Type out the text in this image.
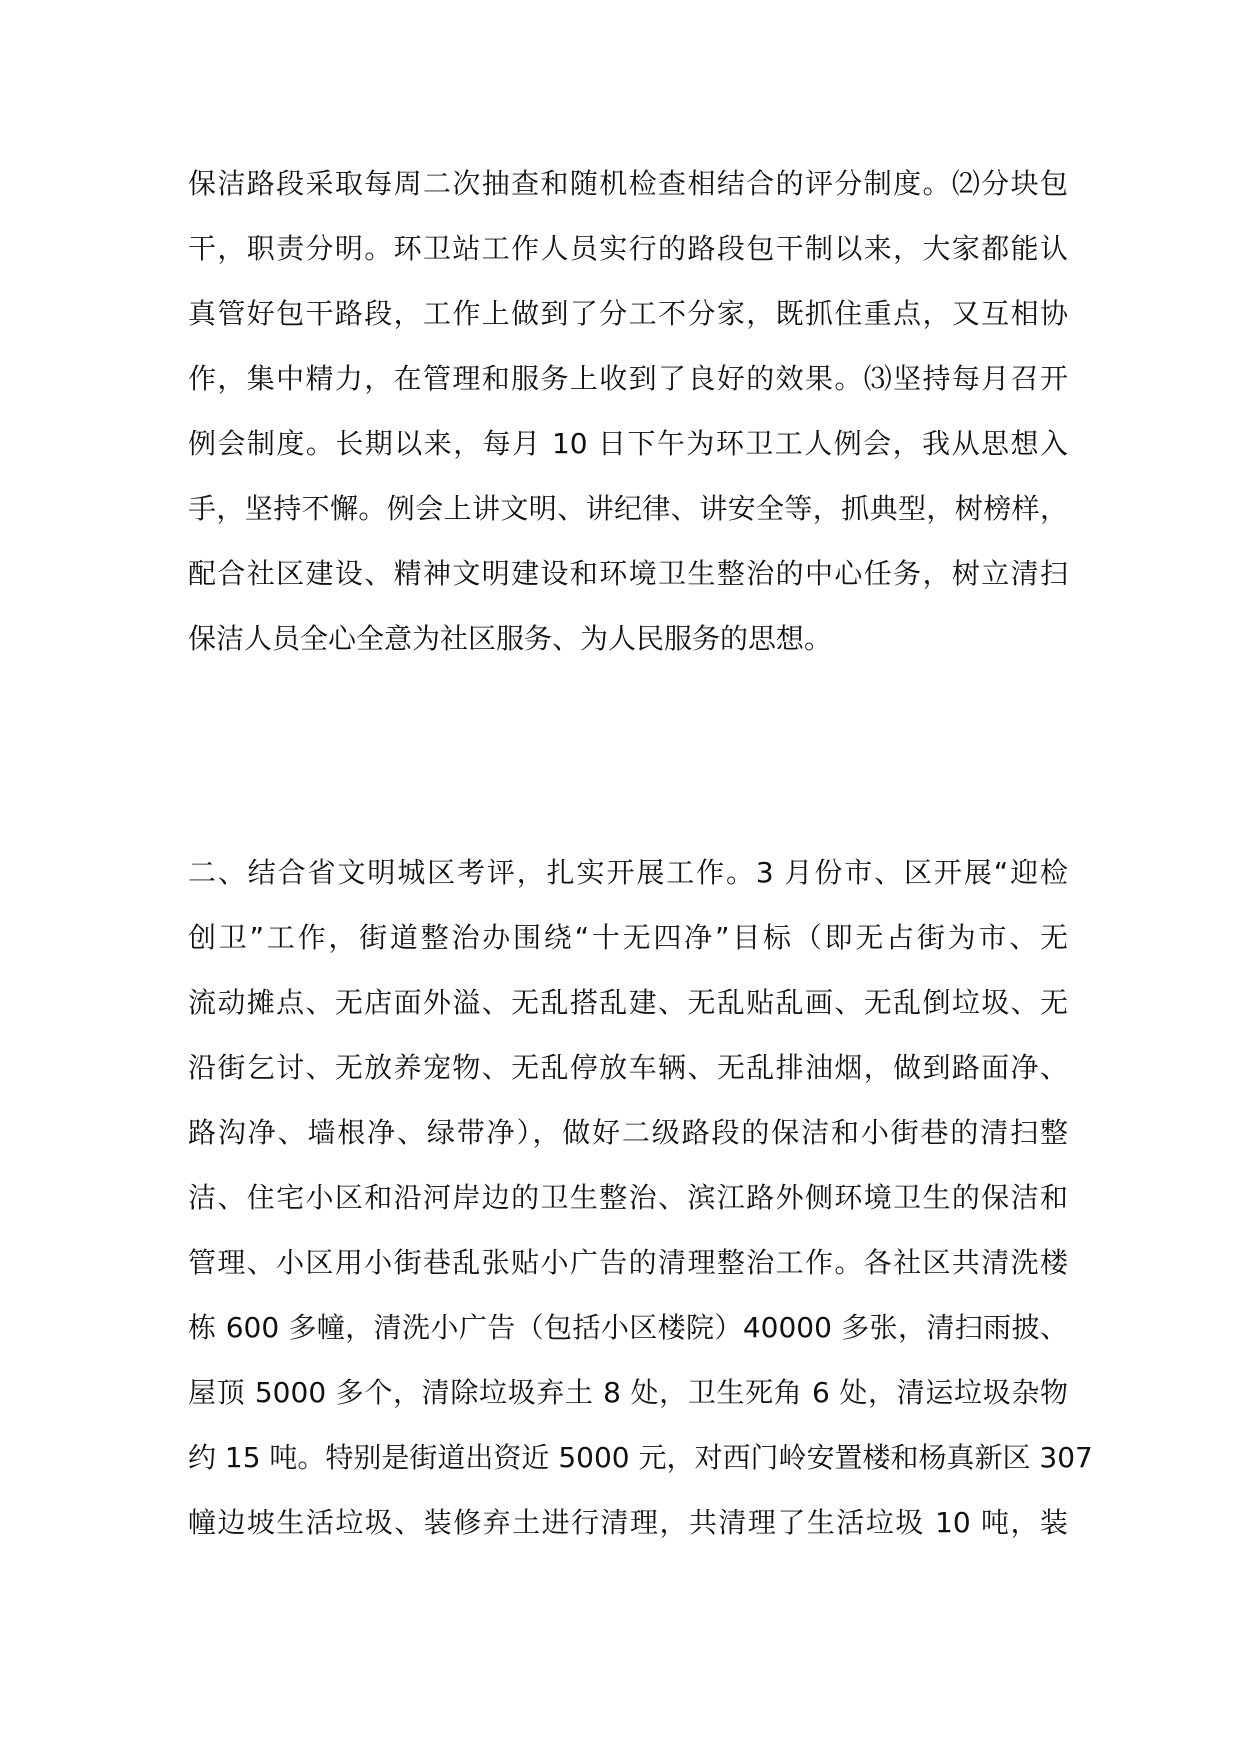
保洁路段采取每周二次抽查和随机检查相结合的评分制度。⑵分块包
干，职责分明。环卫站工作人员实行的路段包干制以来，大家都能认
真管好包干路段，工作上做到了分工不分家，既抓住重点，又互相协
作，集中精力，在管理和服务上收到了良好的效果。⑶坚持每月召开
例会制度。长期以来，每月 10 日下午为环卫工人例会，我从思想入
手，坚持不懈。例会上讲文明、讲纪律、讲安全等，抓典型，树榜样，
配合社区建设、精神文明建设和环境卫生整治的中心任务，树立清扫
保洁人员全心全意为社区服务、为人民服务的思想。
二、结合省文明城区考评，扎实开展工作。3 月份市、区开展“迎检
创卫”工作，街道整治办围绕“十无四净”目标（即无占街为市、无
流动摊点、无店面外溢、无乱搭乱建、无乱贴乱画、无乱倒垃圾、无
沿街乞讨、无放养宠物、无乱停放车辆、无乱排油烟，做到路面净、
路沟净、墙根净、绿带净），做好二级路段的保洁和小街巷的清扫整
洁、住宅小区和沿河岸边的卫生整治、滨江路外侧环境卫生的保洁和
管理、小区用小街巷乱张贴小广告的清理整治工作。各社区共清洗楼
栋 600 多幢，清洗小广告（包括小区楼院）40000 多张，清扫雨披、
屋顶 5000 多个，清除垃圾弃土 8 处，卫生死角 6 处，清运垃圾杂物
约 15 吨。特别是街道出资近 5000 元，对西门岭安置楼和杨真新区 307
幢边坡生活垃圾、装修弃土进行清理，共清理了生活垃圾 10 吨，装
